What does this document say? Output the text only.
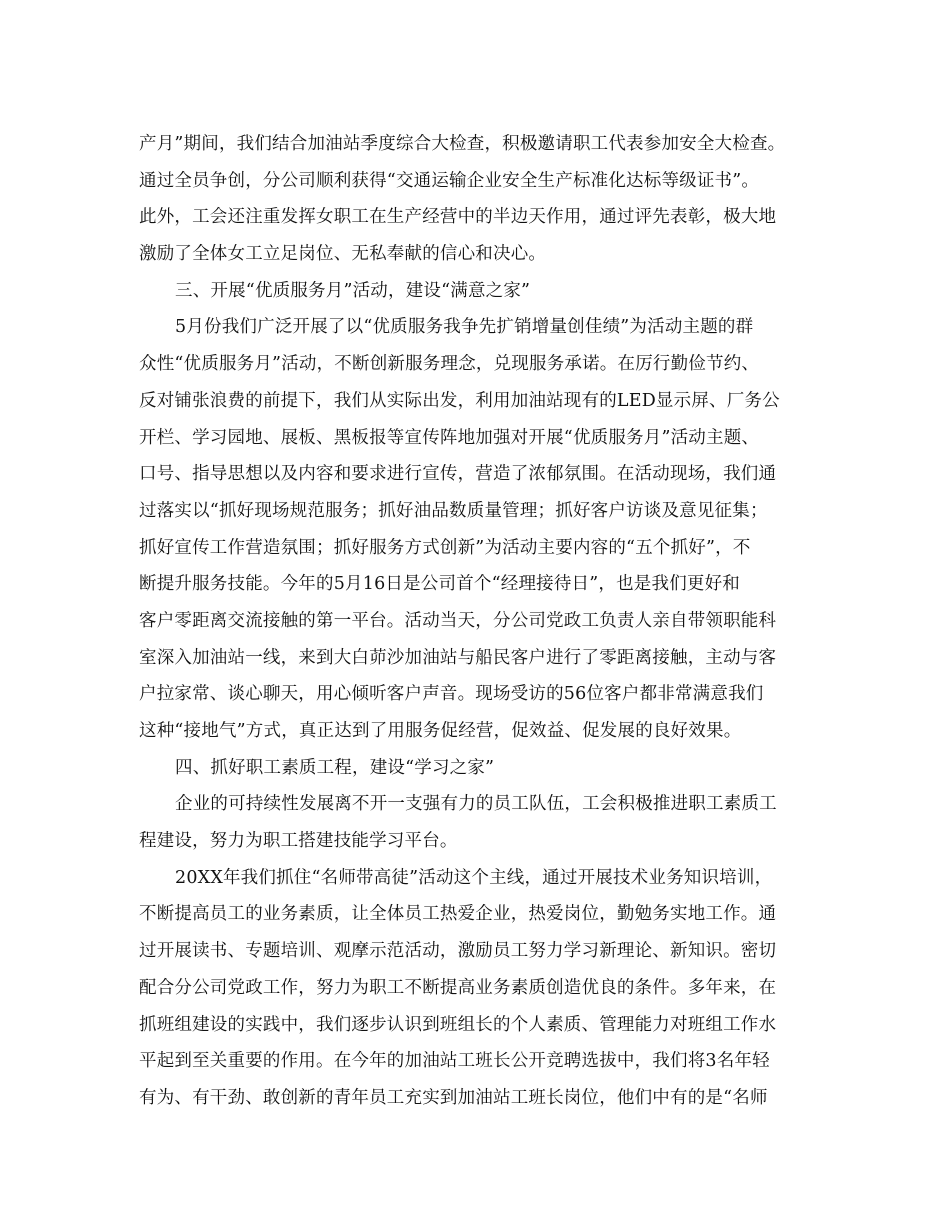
产月”期间，我们结合加油站季度综合大检查，积极邀请职工代表参加安全大检查。
通过全员争创，分公司顺利获得“交通运输企业安全生产标准化达标等级证书”。
此外，工会还注重发挥女职工在生产经营中的半边天作用，通过评先表彰，极大地
激励了全体女工立足岗位、无私奉献的信心和决心。
三、开展“优质服务月”活动，建设“满意之家”
5月份我们广泛开展了以“优质服务我争先扩销增量创佳绩”为活动主题的群
众性“优质服务月”活动，不断创新服务理念，兑现服务承诺。在厉行勤俭节约、
反对铺张浪费的前提下，我们从实际出发，利用加油站现有的LED显示屏、厂务公
开栏、学习园地、展板、黑板报等宣传阵地加强对开展“优质服务月”活动主题、
口号、指导思想以及内容和要求进行宣传，营造了浓郁氛围。在活动现场，我们通
过落实以“抓好现场规范服务；抓好油品数质量管理；抓好客户访谈及意见征集；
抓好宣传工作营造氛围；抓好服务方式创新”为活动主要内容的“五个抓好”，不
断提升服务技能。今年的5月16日是公司首个“经理接待日”，也是我们更好和
客户零距离交流接触的第一平台。活动当天，分公司党政工负责人亲自带领职能科
室深入加油站一线，来到大白茆沙加油站与船民客户进行了零距离接触，主动与客
户拉家常、谈心聊天，用心倾听客户声音。现场受访的56位客户都非常满意我们
这种“接地气”方式，真正达到了用服务促经营，促效益、促发展的良好效果。
四、抓好职工素质工程，建设“学习之家”
企业的可持续性发展离不开一支强有力的员工队伍，工会积极推进职工素质工
程建设，努力为职工搭建技能学习平台。
20XX年我们抓住“名师带高徒”活动这个主线，通过开展技术业务知识培训，
不断提高员工的业务素质，让全体员工热爱企业，热爱岗位，勤勉务实地工作。通
过开展读书、专题培训、观摩示范活动，激励员工努力学习新理论、新知识。密切
配合分公司党政工作，努力为职工不断提高业务素质创造优良的条件。多年来，在
抓班组建设的实践中，我们逐步认识到班组长的个人素质、管理能力对班组工作水
平起到至关重要的作用。在今年的加油站工班长公开竞聘选拔中，我们将3名年轻
有为、有干劲、敢创新的青年员工充实到加油站工班长岗位，他们中有的是“名师
